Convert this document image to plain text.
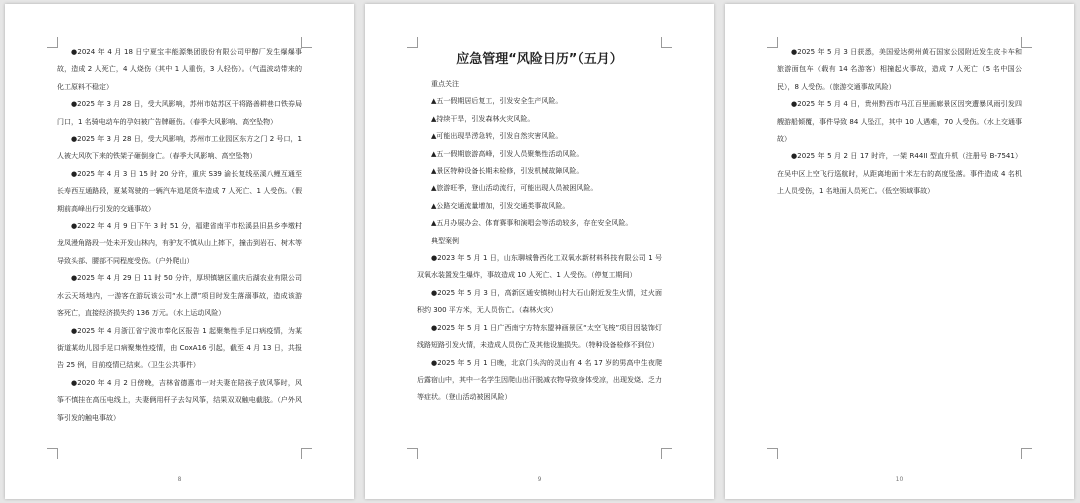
●2024 年 4 月 18 日宁夏宝丰能源集团股份有限公司甲醇厂发生爆爆事故，造成 2 人死亡，4 人烧伤（其中 1 人重伤，3 人轻伤）。（气温波动带来的化工原料不稳定）

●2025 年 3 月 28 日，受大风影响，苏州市姑苏区干将路善耕巷口铁券局门口，1 名骑电动车的孕妇被广告牌砸伤。（春季大风影响、高空坠物）

●2025 年 3 月 28 日，受大风影响，苏州市工业园区东方之门 2 号口，1 人被大风吹下来的铁架子砸倒身亡。（春季大风影响、高空坠物）

●2025 年 4 月 3 日 15 时 20 分许，重庆 S39 渝长复线巫溪八鲤互通至长寿西互通路段，夏某驾驶的一辆汽车追尾货车造成 7 人死亡、1 人受伤。（假期前高峰出行引发的交通事故）

●2022 年 4 月 9 日下午 3 时 51 分，福建省南平市松溪县旧县乡李墩村龙凤漫角路段一处未开发山林内，有驴友不慎从山上摔下，撞击到岩石、树木等导致头部、腰部不同程度受伤。（户外爬山）

●2025 年 4 月 29 日 11 时 50 分许，厚坝镇辖区重庆后湖农业有限公司水云天场地内，一游客在游玩该公司“水上漂”项目时发生落溺事故，造成该游客死亡，直接经济损失约 136 万元。（水上运动风险）

●2025 年 4 月浙江省宁波市奉化区报告 1 起聚集性手足口病疫情，为某街道某幼儿园手足口病聚集性疫情，由 CoxA16 引起，截至 4 月 13 日，共报告 25 例，目前疫情已结束。（卫生公共事件）

●2020 年 4 月 2 日傍晚，吉林省德惠市一对夫妻在陪孩子放风筝时，风筝不慎挂在高压电线上，夫妻俩用杆子去勾风筝，结果双双触电截肢。（户外风筝引发的触电事故）

8
应急管理“风险日历”（五月）

重点关注

▲五一假期居后复工，引发安全生产风险。

▲持续干旱，引发森林火灾风险。

▲可能出现旱涝急转，引发自然灾害风险。

▲五一假期旅游高峰，引发人员聚集性活动风险。

▲景区特种设备长期未检修，引发机械故障风险。

▲旅游旺季，登山活动流行，可能出现人员被困风险。

▲公路交通流量增加，引发交通类事故风险。

▲五月办展办会、体育赛事和演唱会等活动较多，存在安全风险。

典型案例

●2023 年 5 月 1 日，山东聊城鲁西化工双氧水新材料科技有限公司 1 号双氧水装置发生爆炸，事故造成 10 人死亡、1 人受伤。（停复工期间）

●2025 年 5 月 3 日，高新区通安镇树山村大石山附近发生火情，过火面积约 300 平方米，无人员伤亡。（森林火灾）

●2025 年 5 月 1 日广西南宁方特东盟神画景区“太空飞梭”项目因装饰灯线路短路引发火情，未造成人员伤亡及其他设施损失。（特种设备检修不到位）

●2025 年 5 月 1 日晚，北京门头沟的灵山有 4 名 17 岁的男高中生夜爬后露宿山中，其中一名学生因爬山出汗脱减衣物导致身体受凉，出现发烧、乏力等症状。（登山活动被困风险）

9

●2025 年 5 月 3 日获悉，美国爱达荷州黄石国家公园附近发生皮卡车和旅游面包车（载有 14 名游客）相撞起火事故，造成 7 人死亡（5 名中国公民），8 人受伤。（旅游交通事故风险）

●2025 年 5 月 4 日，贵州黔西市马江百里画廊景区因突遭暴风雨引发四艘游船倾覆，事件导致 84 人坠江，其中 10 人遇难，70 人受伤。（水上交通事故）

●2025 年 5 月 2 日 17 时许，一架 R44II 型直升机（注册号 B-7541）在吴中区上空飞行巡航时，从距离地面十米左右的高度坠落。事件造成 4 名机上人员受伤，1 名地面人员死亡。（低空领域事故）

10
